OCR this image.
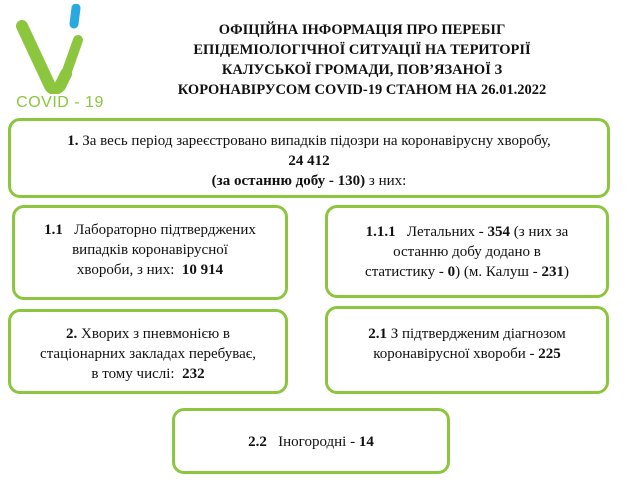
COVID - 19
ОФІЦІЙНА ІНФОРМАЦІЯ ПРО ПЕРЕБІГ
ЕПІДЕМІОЛОГІЧНОЇ СИТУАЦІЇ НА ТЕРИТОРІЇ
КАЛУСЬКОЇ ГРОМАДИ, ПОВ’ЯЗАНОЇ З
КОРОНАВІРУСОМ COVID-19 СТАНОМ НА 26.01.2022
1. За весь період зареєстровано випадків підозри на коронавірусну хворобу,
24 412
(за останню добу - 130) з них:
1.1 Лабораторно підтверджених
випадків коронавірусної
хвороби, з них: 10 914
1.1.1 Летальних - 354 (з них за
останню добу додано в
статистику - 0) (м. Калуш - 231)
2. Хворих з пневмонією в
стаціонарних закладах перебуває,
в тому числі: 232
2.1 З підтвердженим діагнозом
коронавірусної хвороби - 225
2.2 Іногородні - 14
